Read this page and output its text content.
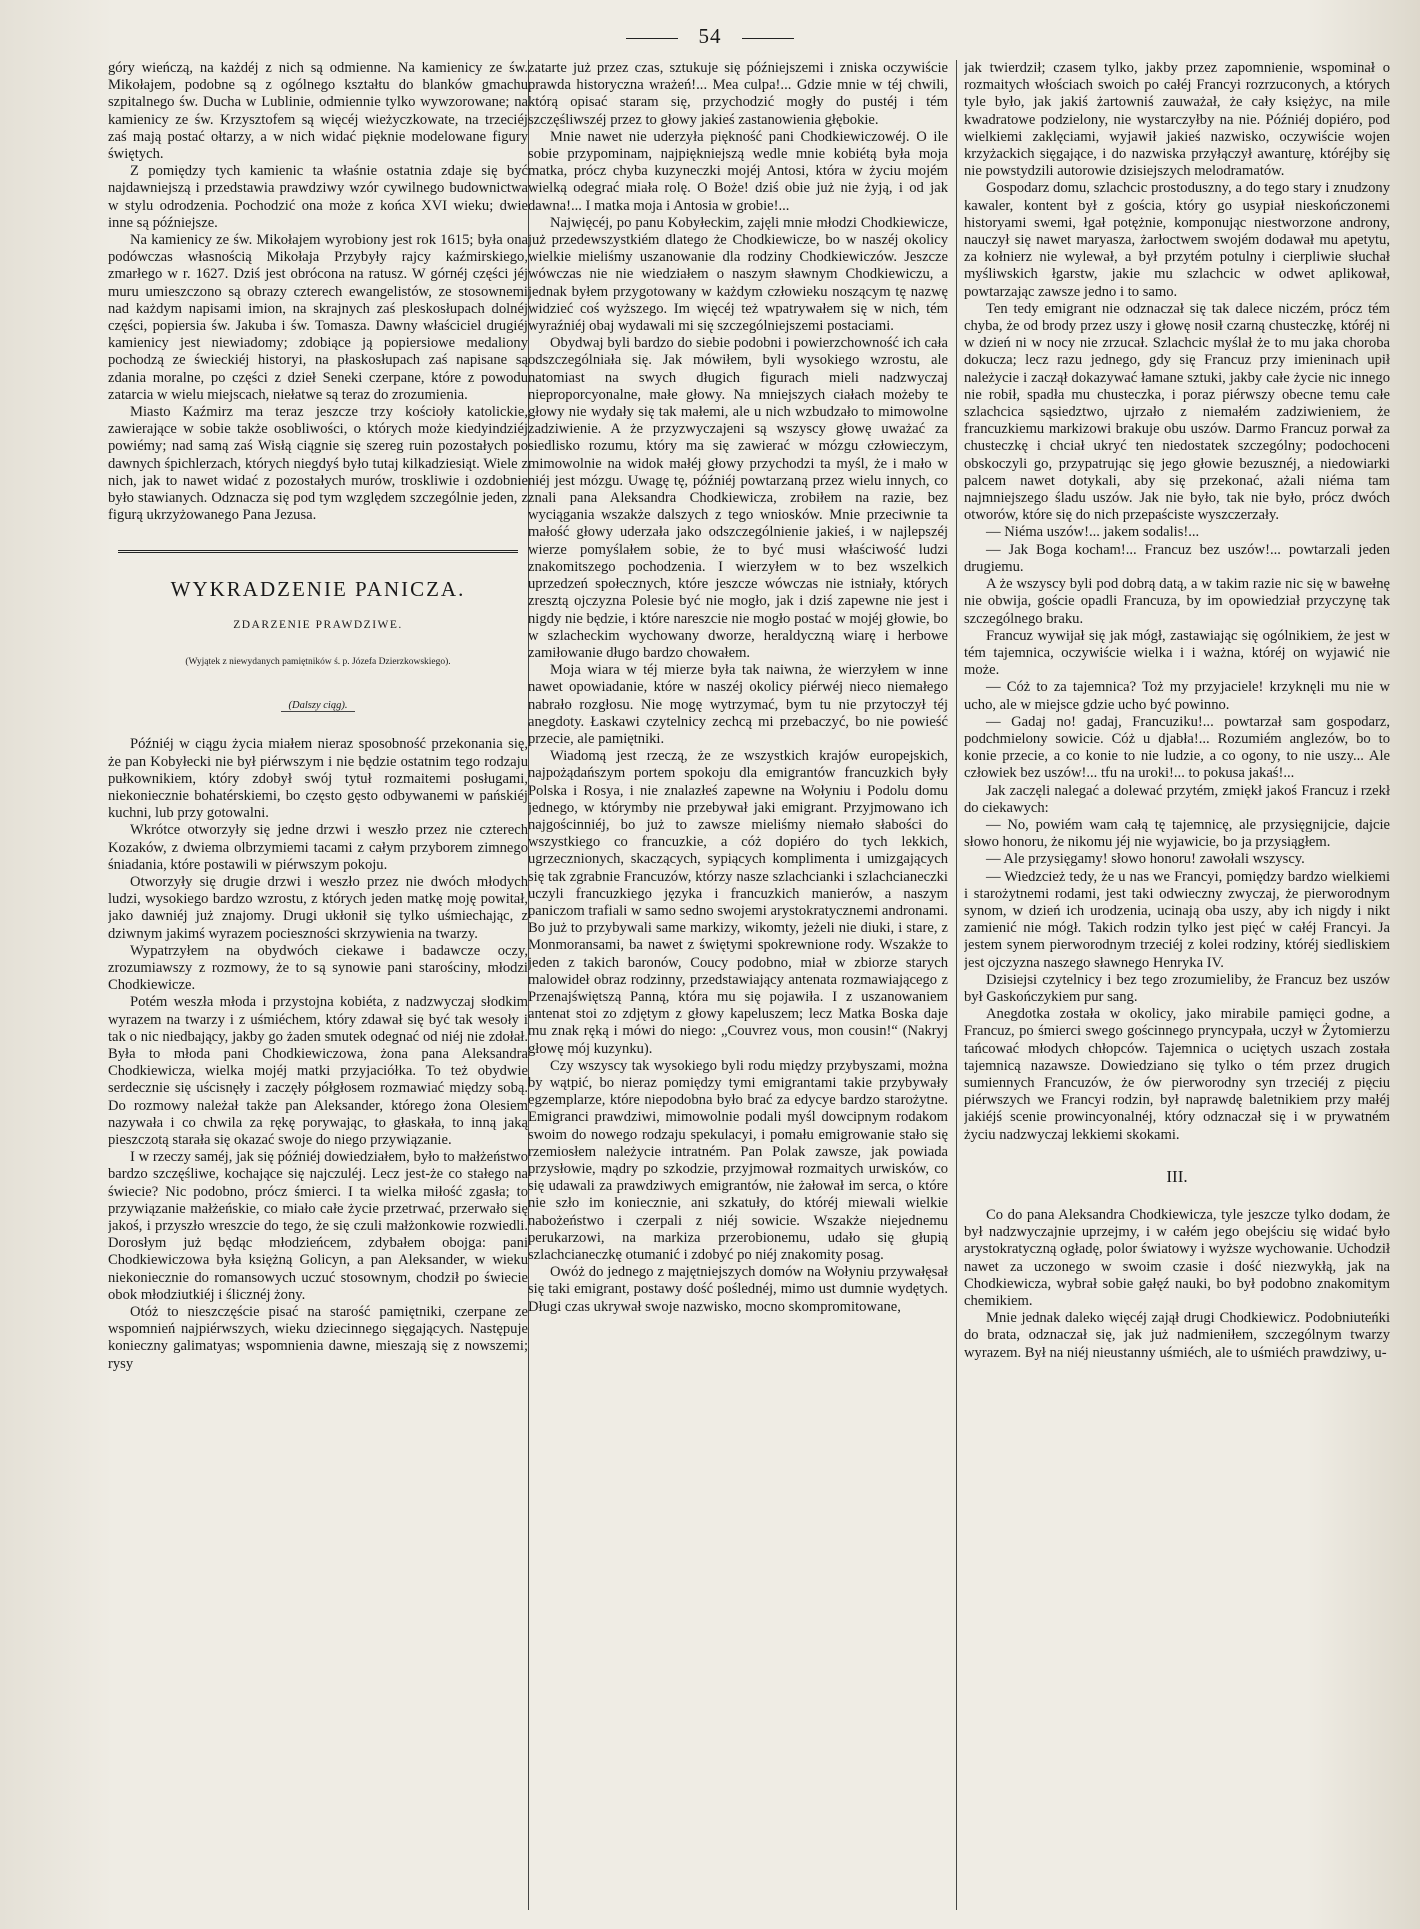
54

góry wieńczą, na każdéj z nich są odmienne. Na kamienicy ze św. Mikołajem, podobne są z ogólnego kształtu do blanków gmachu szpitalnego św. Ducha w Lublinie, odmiennie tylko wywzorowane; na kamienicy ze św. Krzysztofem są więcéj wieżyczkowate, na trzeciéj zaś mają postać ołtarzy, a w nich widać pięknie modelowane figury świętych.

Z pomiędzy tych kamienic ta właśnie ostatnia zdaje się być najdawniejszą i przedstawia prawdziwy wzór cywilnego budownictwa w stylu odrodzenia. Pochodzić ona może z końca XVI wieku; dwie inne są późniejsze.

Na kamienicy ze św. Mikołajem wyrobiony jest rok 1615; była ona podówczas własnością Mikołaja Przybyły rajcy kaźmirskiego, zmarłego w r. 1627. Dziś jest obrócona na ratusz. W górnéj części jéj muru umieszczono są obrazy czterech ewangelistów, ze stosownemi nad każdym napisami imion, na skrajnych zaś pleskosłupach dolnéj części, popiersia św. Jakuba i św. Tomasza. Dawny właściciel drugiéj kamienicy jest niewiadomy; zdobiące ją popiersiowe medaliony pochodzą ze świeckiéj historyi, na płaskosłupach zaś napisane są zdania moralne, po części z dzieł Seneki czerpane, które z powodu zatarcia w wielu miejscach, niełatwe są teraz do zrozumienia.

Miasto Kaźmirz ma teraz jeszcze trzy kościoły katolickie, zawierające w sobie także osobliwości, o których może kiedyindziéj powiémy; nad samą zaś Wisłą ciągnie się szereg ruin pozostałych po dawnych śpichlerzach, których niegdyś było tutaj kilkadziesiąt. Wiele z nich, jak to nawet widać z pozostałych murów, troskliwie i ozdobnie było stawianych. Odznacza się pod tym względem szczególnie jeden, z figurą ukrzyżowanego Pana Jezusa.

WYKRADZENIE PANICZA.
ZDARZENIE PRAWDZIWE.
(Wyjątek z niewydanych pamiętników ś. p. Józefa Dzierzkowskiego).
(Dalszy ciąg).

Późniéj w ciągu życia miałem nieraz sposobność przekonania się, że pan Kobyłecki nie był piérwszym i nie będzie ostatnim tego rodzaju pułkownikiem, który zdobył swój tytuł rozmaitemi posługami, niekoniecznie bohatérskiemi, bo często gęsto odbywanemi w pańskiéj kuchni, lub przy gotowalni.

Wkrótce otworzyły się jedne drzwi i weszło przez nie czterech Kozaków, z dwiema olbrzymiemi tacami z całym przyborem zimnego śniadania, które postawili w piérwszym pokoju.

Otworzyły się drugie drzwi i weszło przez nie dwóch młodych ludzi, wysokiego bardzo wzrostu, z których jeden matkę moję powitał, jako dawniéj już znajomy. Drugi ukłonił się tylko uśmiechając, z dziwnym jakimś wyrazem pocieszności skrzywienia na twarzy.

Wypatrzyłem na obydwóch ciekawe i badawcze oczy, zrozumiawszy z rozmowy, że to są synowie pani starościny, młodzi Chodkiewicze.

Potém weszła młoda i przystojna kobiéta, z nadzwyczaj słodkim wyrazem na twarzy i z uśmiéchem, który zdawał się być tak wesoły i tak o nic niedbający, jakby go żaden smutek odegnać od niéj nie zdołał. Była to młoda pani Chodkiewiczowa, żona pana Aleksandra Chodkiewicza, wielka mojéj matki przyjaciółka. To też obydwie serdecznie się uścisnęły i zaczęły półgłosem rozmawiać między sobą. Do rozmowy należał także pan Aleksander, którego żona Olesiem nazywała i co chwila za rękę porywając, to głaskała, to inną jaką pieszczotą starała się okazać swoje do niego przywiązanie.

I w rzeczy saméj, jak się późniéj dowiedziałem, było to małżeństwo bardzo szczęśliwe, kochające się najczuléj. Lecz jest-że co stałego na świecie? Nic podobno, prócz śmierci. I ta wielka miłość zgasła; to przywiązanie małżeńskie, co miało całe życie przetrwać, przerwało się jakoś, i przyszło wreszcie do tego, że się czuli małżonkowie rozwiedli. Dorosłym już będąc młodzieńcem, zdybałem obojga: pani Chodkiewiczowa była księżną Golicyn, a pan Aleksander, w wieku niekoniecznie do romansowych uczuć stosownym, chodził po świecie obok młodziutkiéj i ślicznéj żony.

Otóż to nieszczęście pisać na starość pamiętniki, czerpane ze wspomnień najpiérwszych, wieku dziecinnego sięgających. Następuje konieczny galimatyas; wspomnienia dawne, mieszają się z nowszemi; rysy

zatarte już przez czas, sztukuje się późniejszemi i zniska oczywiście prawda historyczna wrażeń!... Mea culpa!... Gdzie mnie w téj chwili, którą opisać staram się, przychodzić mogły do pustéj i tém szczęśliwszéj przez to głowy jakieś zastanowienia głębokie.

Mnie nawet nie uderzyła piękność pani Chodkiewiczowéj. O ile sobie przypominam, najpiękniejszą wedle mnie kobiétą była moja matka, prócz chyba kuzyneczki mojéj Antosi, która w życiu mojém wielką odegrać miała rolę. O Boże! dziś obie już nie żyją, i od jak dawna!... I matka moja i Antosia w grobie!...

Najwięcéj, po panu Kobyłeckim, zajęli mnie młodzi Chodkiewicze, już przedewszystkiém dlatego że Chodkiewicze, bo w naszéj okolicy wielkie mieliśmy uszanowanie dla rodziny Chodkiewiczów. Jeszcze wówczas nie nie wiedziałem o naszym sławnym Chodkiewiczu, a jednak byłem przygotowany w każdym człowieku noszącym tę nazwę widzieć coś wyższego. Im więcéj też wpatrywałem się w nich, tém wyraźniéj obaj wydawali mi się szczególniejszemi postaciami.

Obydwaj byli bardzo do siebie podobni i powierzchowność ich cała odszczególniała się. Jak mówiłem, byli wysokiego wzrostu, ale natomiast na swych długich figurach mieli nadzwyczaj nieproporcyonalne, małe głowy. Na mniejszych ciałach możeby te głowy nie wydały się tak małemi, ale u nich wzbudzało to mimowolne zadziwienie. A że przyzwyczajeni są wszyscy głowę uważać za siedlisko rozumu, który ma się zawierać w mózgu człowieczym, mimowolnie na widok małéj głowy przychodzi ta myśl, że i mało w niéj jest mózgu. Uwagę tę, późniéj powtarzaną przez wielu innych, co znali pana Aleksandra Chodkiewicza, zrobiłem na razie, bez wyciągania wszakże dalszych z tego wniosków. Mnie przeciwnie ta małość głowy uderzała jako odszczególnienie jakieś, i w najlepszéj wierze pomyślałem sobie, że to być musi właściwość ludzi znakomitszego pochodzenia. I wierzyłem w to bez wszelkich uprzedzeń społecznych, które jeszcze wówczas nie istniały, których zresztą ojczyzna Polesie być nie mogło, jak i dziś zapewne nie jest i nigdy nie będzie, i które nareszcie nie mogło postać w mojéj głowie, bo w szlacheckim wychowany dworze, heraldyczną wiarę i herbowe zamiłowanie długo bardzo chowałem.

Moja wiara w téj mierze była tak naiwna, że wierzyłem w inne nawet opowiadanie, które w naszéj okolicy piérwéj nieco niemałego nabrało rozgłosu. Nie mogę wytrzymać, bym tu nie przytoczył téj anegdoty. Łaskawi czytelnicy zechcą mi przebaczyć, bo nie powieść przecie, ale pamiętniki.

Wiadomą jest rzeczą, że ze wszystkich krajów europejskich, najpożądańszym portem spokoju dla emigrantów francuzkich były Polska i Rosya, i nie znalazłeś zapewne na Wołyniu i Podolu domu jednego, w którymby nie przebywał jaki emigrant. Przyjmowano ich najgościnniéj, bo już to zawsze mieliśmy niemało słabości do wszystkiego co francuzkie, a cóż dopiéro do tych lekkich, ugrzecznionych, skaczących, sypiących komplimenta i umizgających się tak zgrabnie Francuzów, którzy nasze szlachcianki i szlachcianeczki uczyli francuzkiego języka i francuzkich manierów, a naszym paniczom trafiali w samo sedno swojemi arystokratycznemi andronami. Bo już to przybywali same markizy, wikomty, jeżeli nie diuki, i stare, z Monmoransami, ba nawet z świętymi spokrewnione rody. Wszakże to jeden z takich baronów, Coucy podobno, miał w zbiorze starych malowideł obraz rodzinny, przedstawiający antenata rozmawiającego z Przenajświętszą Panną, która mu się pojawiła. I z uszanowaniem antenat stoi zo zdjętym z głowy kapeluszem; lecz Matka Boska daje mu znak ręką i mówi do niego: „Couvrez vous, mon cousin!“ (Nakryj głowę mój kuzynku).

Czy wszyscy tak wysokiego byli rodu między przybyszami, można by wątpić, bo nieraz pomiędzy tymi emigrantami takie przybywały egzemplarze, które niepodobna było brać za edycye bardzo starożytne. Emigranci prawdziwi, mimowolnie podali myśl dowcipnym rodakom swoim do nowego rodzaju spekulacyi, i pomału emigrowanie stało się rzemiosłem należycie intratném. Pan Polak zawsze, jak powiada przysłowie, mądry po szkodzie, przyjmował rozmaitych urwisków, co się udawali za prawdziwych emigrantów, nie żałował im serca, o które nie szło im koniecznie, ani szkatuły, do któréj miewali wielkie nabożeństwo i czerpali z niéj sowicie. Wszakże niejednemu perukarzowi, na markiza przerobionemu, udało się głupią szlachcianeczkę otumanić i zdobyć po niéj znakomity posag.

Owóż do jednego z majętniejszych domów na Wołyniu przywałęsał się taki emigrant, postawy dość poślednéj, mimo ust dumnie wydętych. Długi czas ukrywał swoje nazwisko, mocno skompromitowane,

jak twierdził; czasem tylko, jakby przez zapomnienie, wspominał o rozmaitych włościach swoich po całéj Francyi rozrzuconych, a których tyle było, jak jakiś żartowniś zauważał, że cały księżyc, na mile kwadratowe podzielony, nie wystarczyłby na nie. Późniéj dopiéro, pod wielkiemi zaklęciami, wyjawił jakieś nazwisko, oczywiście wojen krzyżackich sięgające, i do nazwiska przyłączył awanturę, któréjby się nie powstydzili autorowie dzisiejszych melodramatów.

Gospodarz domu, szlachcic prostoduszny, a do tego stary i znudzony kawaler, kontent był z gościa, który go usypiał nieskończonemi historyami swemi, łgał potężnie, komponując niestworzone androny, nauczył się nawet maryasza, żarłoctwem swojém dodawał mu apetytu, za kołnierz nie wylewał, a był przytém potulny i cierpliwie słuchał myśliwskich łgarstw, jakie mu szlachcic w odwet aplikował, powtarzając zawsze jedno i to samo.

Ten tedy emigrant nie odznaczał się tak dalece niczém, prócz tém chyba, że od brody przez uszy i głowę nosił czarną chusteczkę, któréj ni w dzień ni w nocy nie zrzucał. Szlachcic myślał że to mu jaka choroba dokucza; lecz razu jednego, gdy się Francuz przy imieninach upił należycie i zaczął dokazywać łamane sztuki, jakby całe życie nic innego nie robił, spadła mu chusteczka, i poraz piérwszy obecne temu całe szlachcica sąsiedztwo, ujrzało z niemałém zadziwieniem, że francuzkiemu markizowi brakuje obu uszów. Darmo Francuz porwał za chusteczkę i chciał ukryć ten niedostatek szczególny; podochoceni obskoczyli go, przypatrując się jego głowie bezusznéj, a niedowiarki palcem nawet dotykali, aby się przekonać, ażali niéma tam najmniejszego śladu uszów. Jak nie było, tak nie było, prócz dwóch otworów, które się do nich przepaściste wyszczerzały.

— Niéma uszów!... jakem sodalis!...

— Jak Boga kocham!... Francuz bez uszów!... powtarzali jeden drugiemu.

A że wszyscy byli pod dobrą datą, a w takim razie nic się w bawełnę nie obwija, goście opadli Francuza, by im opowiedział przyczynę tak szczególnego braku.

Francuz wywijał się jak mógł, zastawiając się ogólnikiem, że jest w tém tajemnica, oczywiście wielka i i ważna, któréj on wyjawić nie może.

— Cóż to za tajemnica? Toż my przyjaciele! krzyknęli mu nie w ucho, ale w miejsce gdzie ucho być powinno.

— Gadaj no! gadaj, Francuziku!... powtarzał sam gospodarz, podchmielony sowicie. Cóż u djabła!... Rozumiém anglezów, bo to konie przecie, a co konie to nie ludzie, a co ogony, to nie uszy... Ale człowiek bez uszów!... tfu na uroki!... to pokusa jakaś!...

Jak zaczęli nalegać a dolewać przytém, zmiękł jakoś Francuz i rzekł do ciekawych:

— No, powiém wam całą tę tajemnicę, ale przysięgnijcie, dajcie słowo honoru, że nikomu jéj nie wyjawicie, bo ja przysiągłem.

— Ale przysięgamy! słowo honoru! zawołali wszyscy.

— Wiedzcież tedy, że u nas we Francyi, pomiędzy bardzo wielkiemi i starożytnemi rodami, jest taki odwieczny zwyczaj, że pierworodnym synom, w dzień ich urodzenia, ucinają oba uszy, aby ich nigdy i nikt zamienić nie mógł. Takich rodzin tylko jest pięć w całéj Francyi. Ja jestem synem pierworodnym trzeciéj z kolei rodziny, któréj siedliskiem jest ojczyzna naszego sławnego Henryka IV.

Dzisiejsi czytelnicy i bez tego zrozumieliby, że Francuz bez uszów był Gaskończykiem pur sang.

Anegdotka została w okolicy, jako mirabile pamięci godne, a Francuz, po śmierci swego gościnnego pryncypała, uczył w Żytomierzu tańcować młodych chłopców. Tajemnica o uciętych uszach została tajemnicą nazawsze. Dowiedziano się tylko o tém przez drugich sumiennych Francuzów, że ów pierworodny syn trzeciéj z pięciu piérwszych we Francyi rodzin, był naprawdę baletnikiem przy małéj jakiéjś scenie prowincyonalnéj, który odznaczał się i w prywatném życiu nadzwyczaj lekkiemi skokami.

III.

Co do pana Aleksandra Chodkiewicza, tyle jeszcze tylko dodam, że był nadzwyczajnie uprzejmy, i w całém jego obejściu się widać było arystokratyczną ogładę, polor światowy i wyższe wychowanie. Uchodził nawet za uczonego w swoim czasie i dość niezwykłą, jak na Chodkiewicza, wybrał sobie gałęź nauki, bo był podobno znakomitym chemikiem.

Mnie jednak daleko więcéj zajął drugi Chodkiewicz. Podobniuteńki do brata, odznaczał się, jak już nadmieniłem, szczególnym twarzy wyrazem. Był na niéj nieustanny uśmiéch, ale to uśmiéch prawdziwy, u-
